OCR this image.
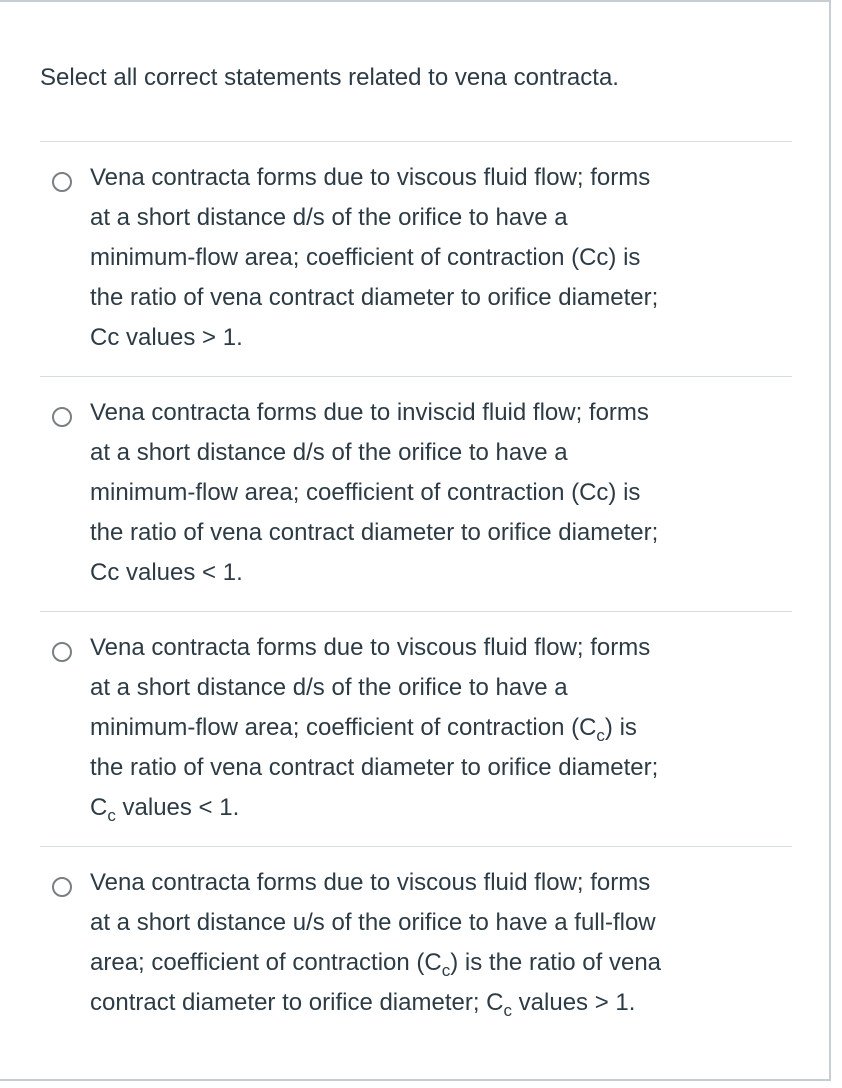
Select all correct statements related to vena contracta.
Vena contracta forms due to viscous fluid flow; forms
at a short distance d/s of the orifice to have a
minimum-flow area; coefficient of contraction (Cc) is
the ratio of vena contract diameter to orifice diameter;
Cc values > 1.
Vena contracta forms due to inviscid fluid flow; forms
at a short distance d/s of the orifice to have a
minimum-flow area; coefficient of contraction (Cc) is
the ratio of vena contract diameter to orifice diameter;
Cc values < 1.
Vena contracta forms due to viscous fluid flow; forms
at a short distance d/s of the orifice to have a
minimum-flow area; coefficient of contraction $(C_c)$ is
the ratio of vena contract diameter to orifice diameter;
$C_c$ values < 1.
Vena contracta forms due to viscous fluid flow; forms
at a short distance u/s of the orifice to have a full-flow
area; coefficient of contraction $(C_c)$ is the ratio of vena
contract diameter to orifice diameter; $C_c$ values > 1.
